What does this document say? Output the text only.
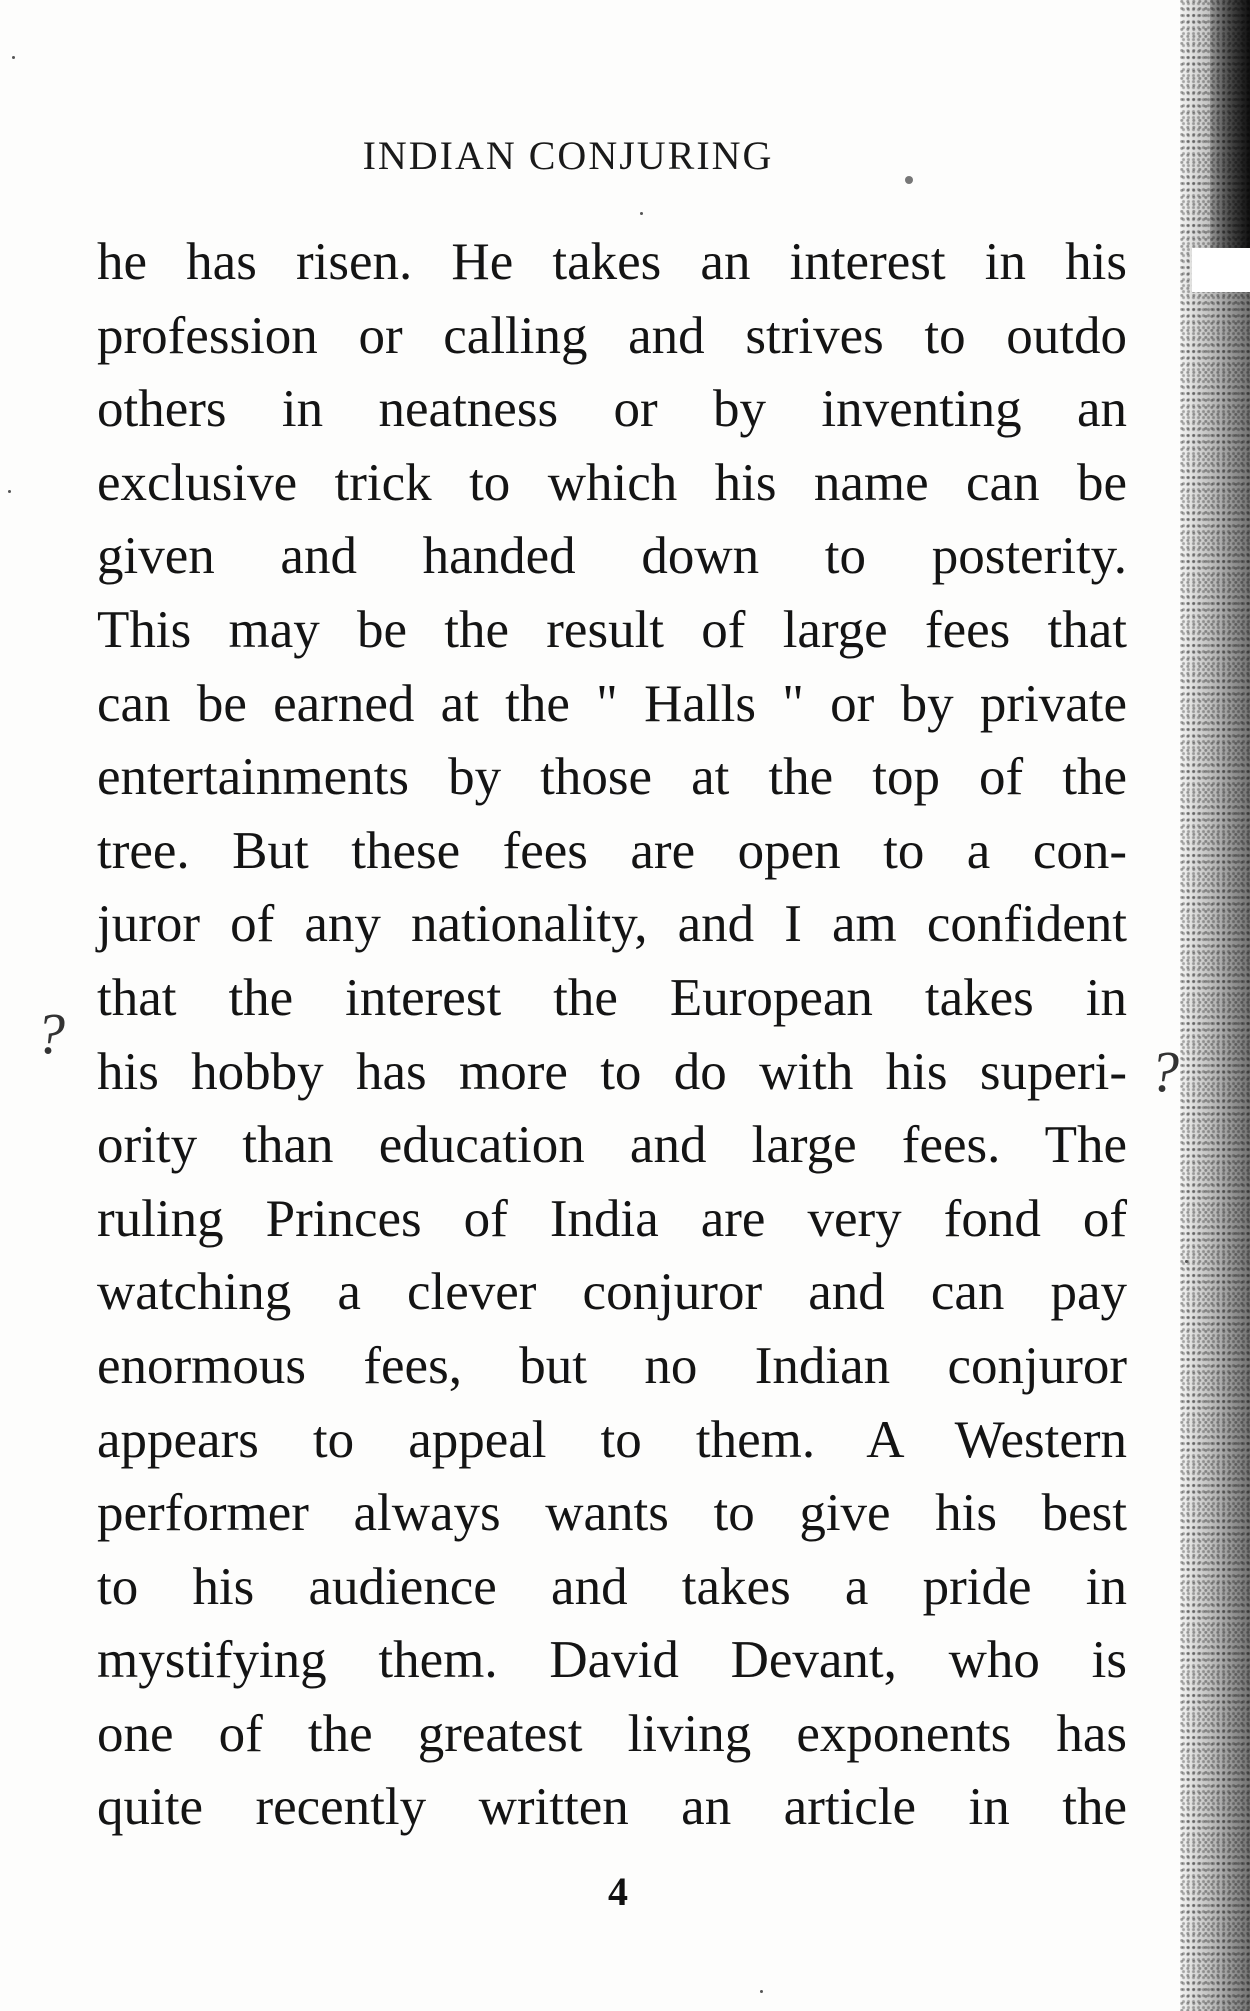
INDIAN CONJURING
he has risen. He takes an interest in his
profession or calling and strives to outdo
others in neatness or by inventing an
exclusive trick to which his name can be
given and handed down to posterity.
This may be the result of large fees that
can be earned at the " Halls " or by private
entertainments by those at the top of the
tree. But these fees are open to a con-
juror of any nationality, and I am confident
that the interest the European takes in
his hobby has more to do with his superi-
ority than education and large fees. The
ruling Princes of India are very fond of
watching a clever conjuror and can pay
enormous fees, but no Indian conjuror
appears to appeal to them. A Western
performer always wants to give his best
to his audience and takes a pride in
mystifying them. David Devant, who is
one of the greatest living exponents has
quite recently written an article in the
?
?
4
